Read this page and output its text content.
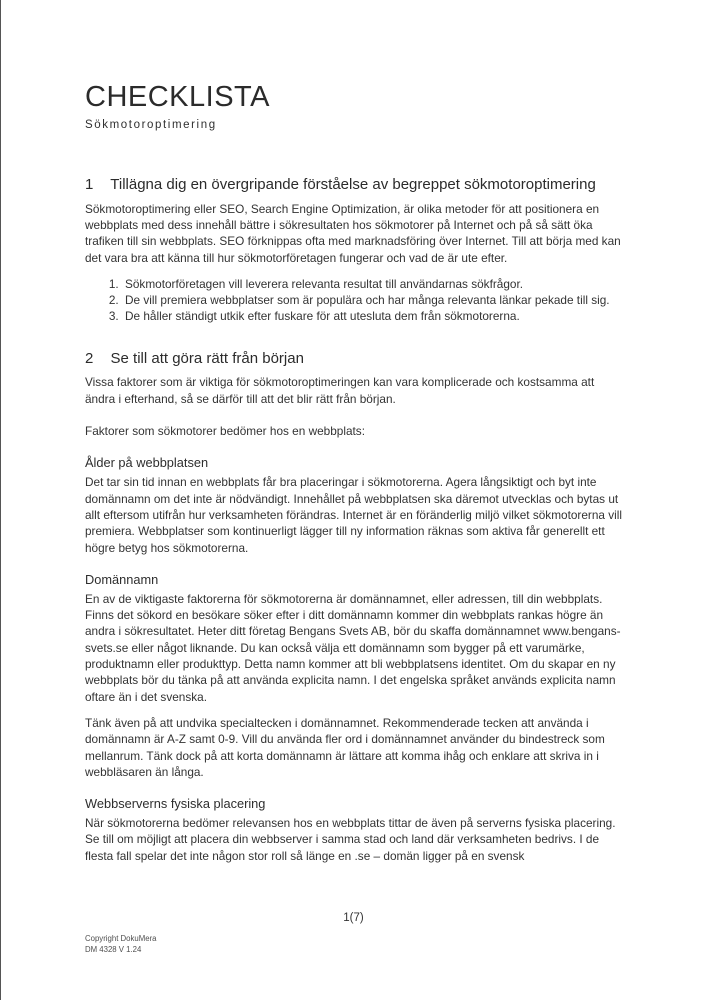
CHECKLISTA
Sökmotoroptimering
1 Tillägna dig en övergripande förståelse av begreppet sökmotoroptimering

Sökmotoroptimering eller SEO, Search Engine Optimization, är olika metoder för att positionera en webbplats med dess innehåll bättre i sökresultaten hos sökmotorer på Internet och på så sätt öka trafiken till sin webbplats. SEO förknippas ofta med marknadsföring över Internet. Till att börja med kan det vara bra att känna till hur sökmotorföretagen fungerar och vad de är ute efter.

1. Sökmotorföretagen vill leverera relevanta resultat till användarnas sökfrågor.
2. De vill premiera webbplatser som är populära och har många relevanta länkar pekade till sig.
3. De håller ständigt utkik efter fuskare för att utesluta dem från sökmotorerna.
2 Se till att göra rätt från början

Vissa faktorer som är viktiga för sökmotoroptimeringen kan vara komplicerade och kostsamma att ändra i efterhand, så se därför till att det blir rätt från början.

Faktorer som sökmotorer bedömer hos en webbplats:

Ålder på webbplatsen

Det tar sin tid innan en webbplats får bra placeringar i sökmotorerna. Agera långsiktigt och byt inte domännamn om det inte är nödvändigt. Innehållet på webbplatsen ska däremot utvecklas och bytas ut allt eftersom utifrån hur verksamheten förändras. Internet är en föränderlig miljö vilket sökmotorerna vill premiera. Webbplatser som kontinuerligt lägger till ny information räknas som aktiva får generellt ett högre betyg hos sökmotorerna.

Domännamn

En av de viktigaste faktorerna för sökmotorerna är domännamnet, eller adressen, till din webbplats. Finns det sökord en besökare söker efter i ditt domännamn kommer din webbplats rankas högre än andra i sökresultatet. Heter ditt företag Bengans Svets AB, bör du skaffa domännamnet www.bengans-svets.se eller något liknande. Du kan också välja ett domännamn som bygger på ett varumärke, produktnamn eller produkttyp. Detta namn kommer att bli webbplatsens identitet. Om du skapar en ny webbplats bör du tänka på att använda explicita namn. I det engelska språket används explicita namn oftare än i det svenska.

Tänk även på att undvika specialtecken i domännamnet. Rekommenderade tecken att använda i domännamn är A-Z samt 0-9. Vill du använda fler ord i domännamnet använder du bindestreck som mellanrum. Tänk dock på att korta domännamn är lättare att komma ihåg och enklare att skriva in i webbläsaren än långa.

Webbserverns fysiska placering

När sökmotorerna bedömer relevansen hos en webbplats tittar de även på serverns fysiska placering. Se till om möjligt att placera din webbserver i samma stad och land där verksamheten bedrivs. I de flesta fall spelar det inte någon stor roll så länge en .se – domän ligger på en svensk

1(7)
Copyright DokuMera
DM 4328 V 1.24
